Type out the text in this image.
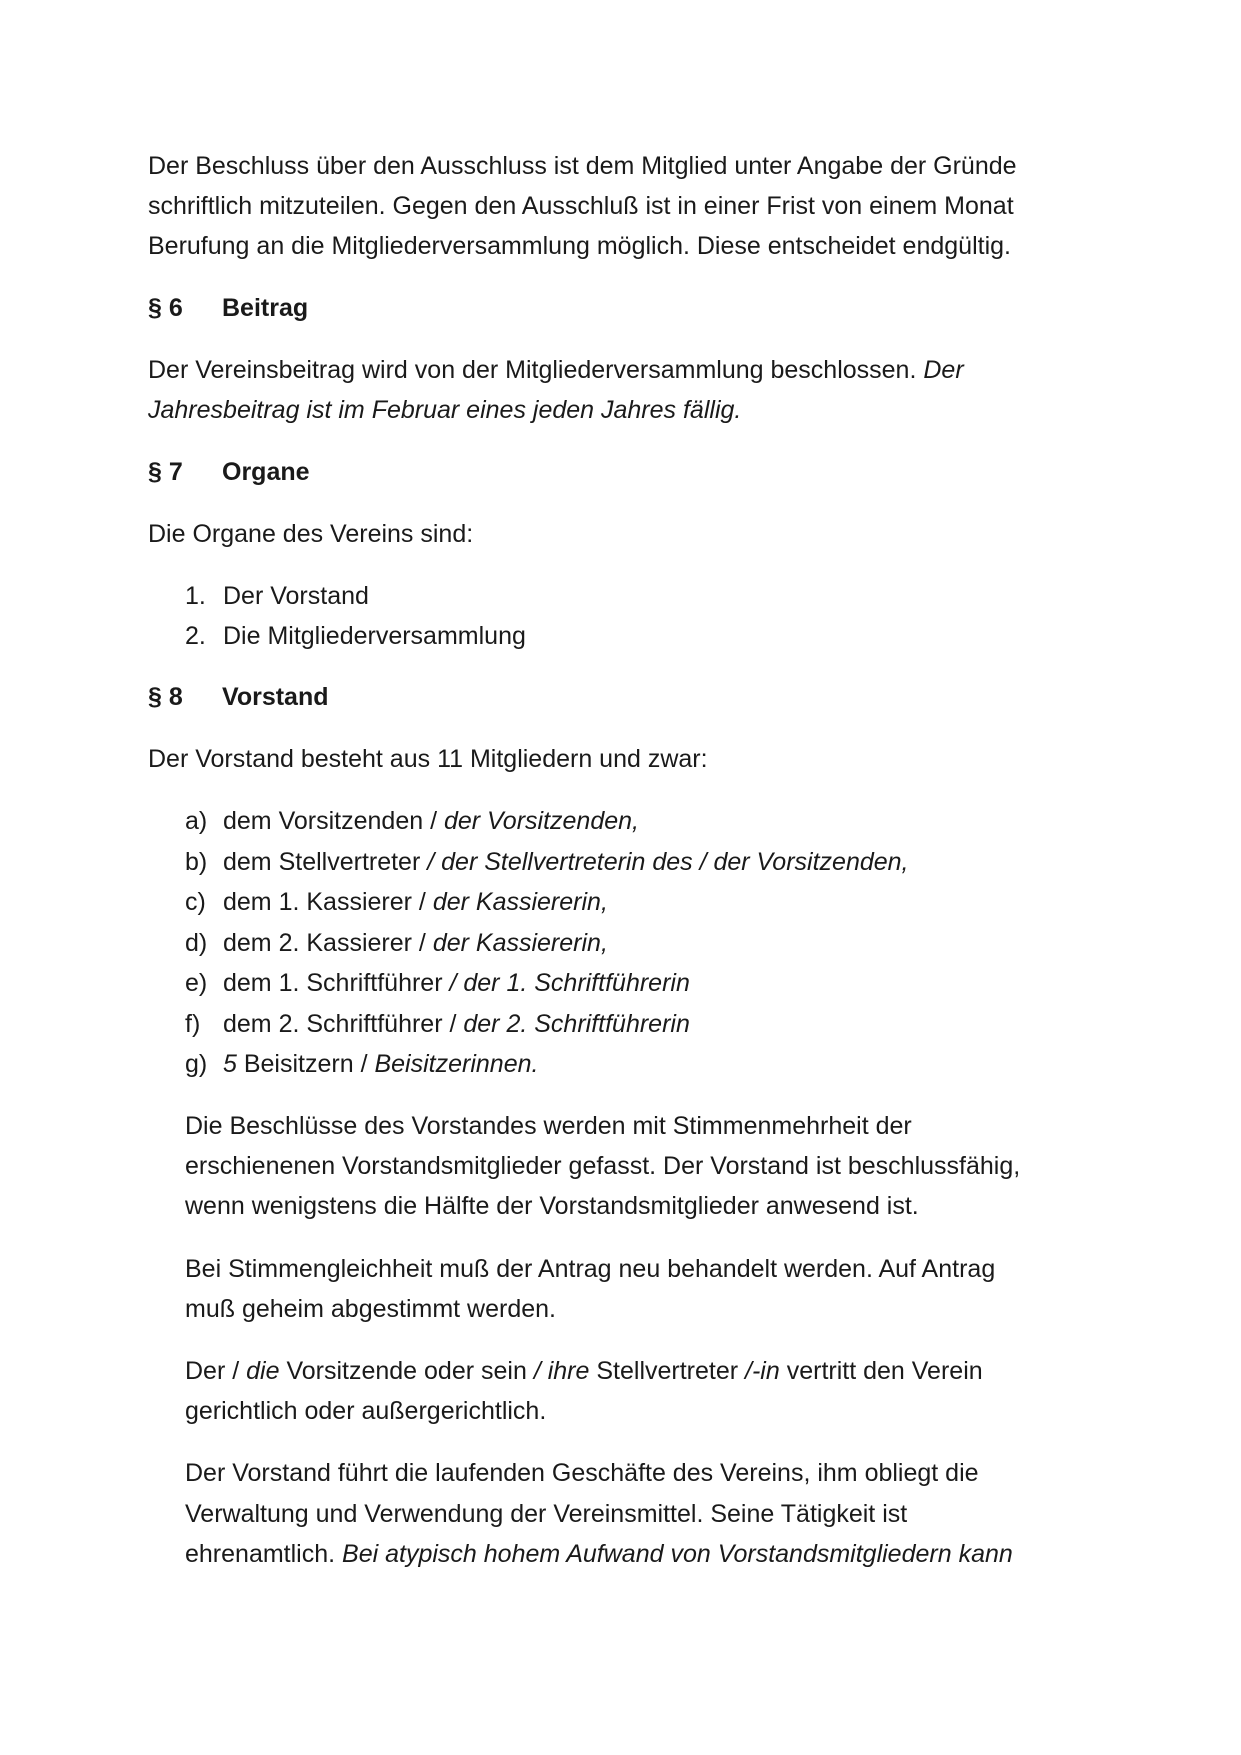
Der Beschluss über den Ausschluss ist dem Mitglied unter Angabe der Gründe
schriftlich mitzuteilen. Gegen den Ausschluß ist in einer Frist von einem Monat
Berufung an die Mitgliederversammlung möglich. Diese entscheidet endgültig.
§ 6 Beitrag
Der Vereinsbeitrag wird von der Mitgliederversammlung beschlossen. Der
Jahresbeitrag ist im Februar eines jeden Jahres fällig.
§ 7 Organe
Die Organe des Vereins sind:
1. Der Vorstand
2. Die Mitgliederversammlung
§ 8 Vorstand
Der Vorstand besteht aus 11 Mitgliedern und zwar:
a) dem Vorsitzenden / der Vorsitzenden,
b) dem Stellvertreter / der Stellvertreterin des / der Vorsitzenden,
c) dem 1. Kassierer / der Kassiererin,
d) dem 2. Kassierer / der Kassiererin,
e) dem 1. Schriftführer / der 1. Schriftführerin
f) dem 2. Schriftführer / der 2. Schriftführerin
g) 5 Beisitzern / Beisitzerinnen.
Die Beschlüsse des Vorstandes werden mit Stimmenmehrheit der
erschienenen Vorstandsmitglieder gefasst. Der Vorstand ist beschlussfähig,
wenn wenigstens die Hälfte der Vorstandsmitglieder anwesend ist.
Bei Stimmengleichheit muß der Antrag neu behandelt werden. Auf Antrag
muß geheim abgestimmt werden.
Der / die Vorsitzende oder sein / ihre Stellvertreter /-in vertritt den Verein
gerichtlich oder außergerichtlich.
Der Vorstand führt die laufenden Geschäfte des Vereins, ihm obliegt die
Verwaltung und Verwendung der Vereinsmittel. Seine Tätigkeit ist
ehrenamtlich. Bei atypisch hohem Aufwand von Vorstandsmitgliedern kann
